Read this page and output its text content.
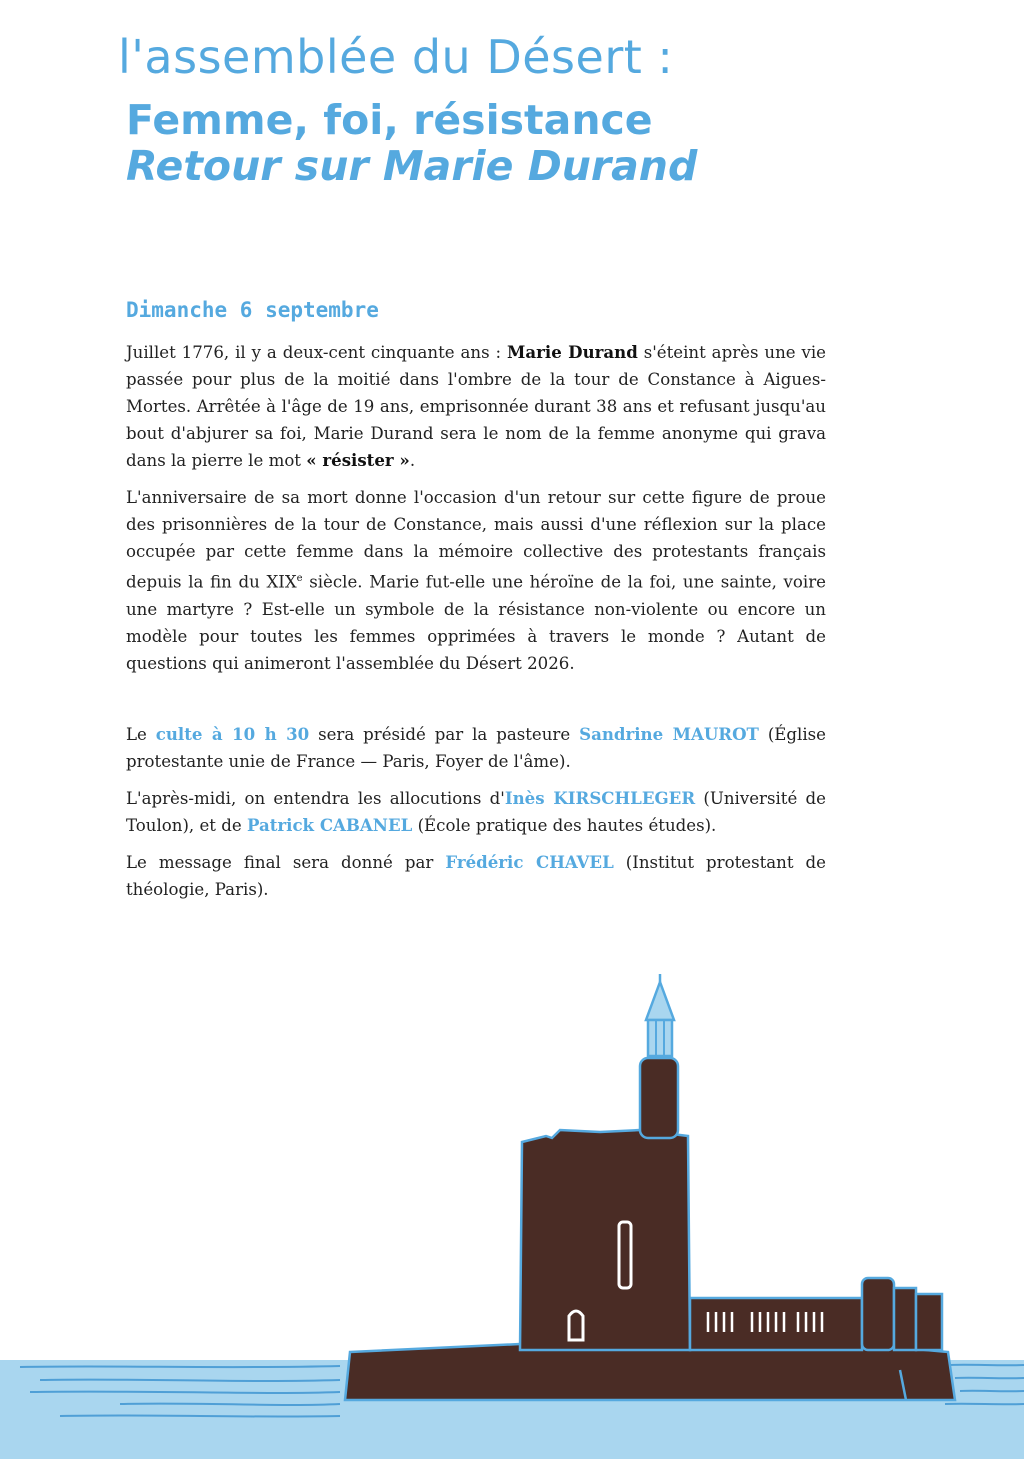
l'assemblée du Désert :
Femme, foi, résistance
Retour sur Marie Durand
Dimanche 6 septembre

Juillet 1776, il y a deux-cent cinquante ans : Marie Durand s'éteint après une vie passée pour plus de la moitié dans l'ombre de la tour de Constance à Aigues-Mortes. Arrêtée à l'âge de 19 ans, emprisonnée durant 38 ans et refusant jusqu'au bout d'abjurer sa foi, Marie Durand sera le nom de la femme anonyme qui grava dans la pierre le mot « résister ».

L'anniversaire de sa mort donne l'occasion d'un retour sur cette figure de proue des prisonnières de la tour de Constance, mais aussi d'une réflexion sur la place occupée par cette femme dans la mémoire collective des protestants français depuis la fin du XIXe siècle. Marie fut-elle une héroïne de la foi, une sainte, voire une martyre ? Est-elle un symbole de la résistance non-violente ou encore un modèle pour toutes les femmes opprimées à travers le monde ? Autant de questions qui animeront l'assemblée du Désert 2026.

Le culte à 10 h 30 sera présidé par la pasteure Sandrine MAUROT (Église protestante unie de France — Paris, Foyer de l'âme).

L'après-midi, on entendra les allocutions d'Inès KIRSCHLEGER (Université de Toulon), et de Patrick CABANEL (École pratique des hautes études).

Le message final sera donné par Frédéric CHAVEL (Institut protestant de théologie, Paris).
